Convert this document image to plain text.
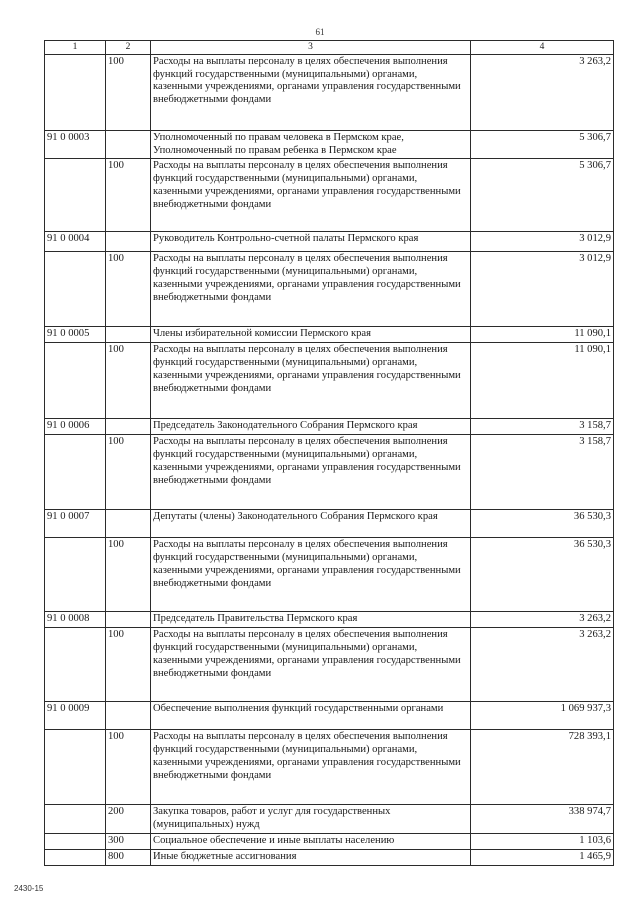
61
1	2	3	4
	100	Расходы на выплаты персоналу в целях обеспечения выполнения функций государственными (муниципальными) органами, казенными учреждениями, органами управления государственными внебюджетными фондами	3 263,2
91 0 0003		Уполномоченный по правам человека в Пермском крае, Уполномоченный по правам ребенка в Пермском крае	5 306,7
	100	Расходы на выплаты персоналу в целях обеспечения выполнения функций государственными (муниципальными) органами, казенными учреждениями, органами управления государственными внебюджетными фондами	5 306,7
91 0 0004		Руководитель Контрольно-счетной палаты Пермского края	3 012,9
	100	Расходы на выплаты персоналу в целях обеспечения выполнения функций государственными (муниципальными) органами, казенными учреждениями, органами управления государственными внебюджетными фондами	3 012,9
91 0 0005		Члены избирательной комиссии Пермского края	11 090,1
	100	Расходы на выплаты персоналу в целях обеспечения выполнения функций государственными (муниципальными) органами, казенными учреждениями, органами управления государственными внебюджетными фондами	11 090,1
91 0 0006		Председатель Законодательного Собрания Пермского края	3 158,7
	100	Расходы на выплаты персоналу в целях обеспечения выполнения функций государственными (муниципальными) органами, казенными учреждениями, органами управления государственными внебюджетными фондами	3 158,7
91 0 0007		Депутаты (члены) Законодательного Собрания Пермского края	36 530,3
	100	Расходы на выплаты персоналу в целях обеспечения выполнения функций государственными (муниципальными) органами, казенными учреждениями, органами управления государственными внебюджетными фондами	36 530,3
91 0 0008		Председатель Правительства Пермского края	3 263,2
	100	Расходы на выплаты персоналу в целях обеспечения выполнения функций государственными (муниципальными) органами, казенными учреждениями, органами управления государственными внебюджетными фондами	3 263,2
91 0 0009		Обеспечение выполнения функций государственными органами	1 069 937,3
	100	Расходы на выплаты персоналу в целях обеспечения выполнения функций государственными (муниципальными) органами, казенными учреждениями, органами управления государственными внебюджетными фондами	728 393,1
	200	Закупка товаров, работ и услуг для государственных (муниципальных) нужд	338 974,7
	300	Социальное обеспечение и иные выплаты населению	1 103,6
	800	Иные бюджетные ассигнования	1 465,9
2430-15
